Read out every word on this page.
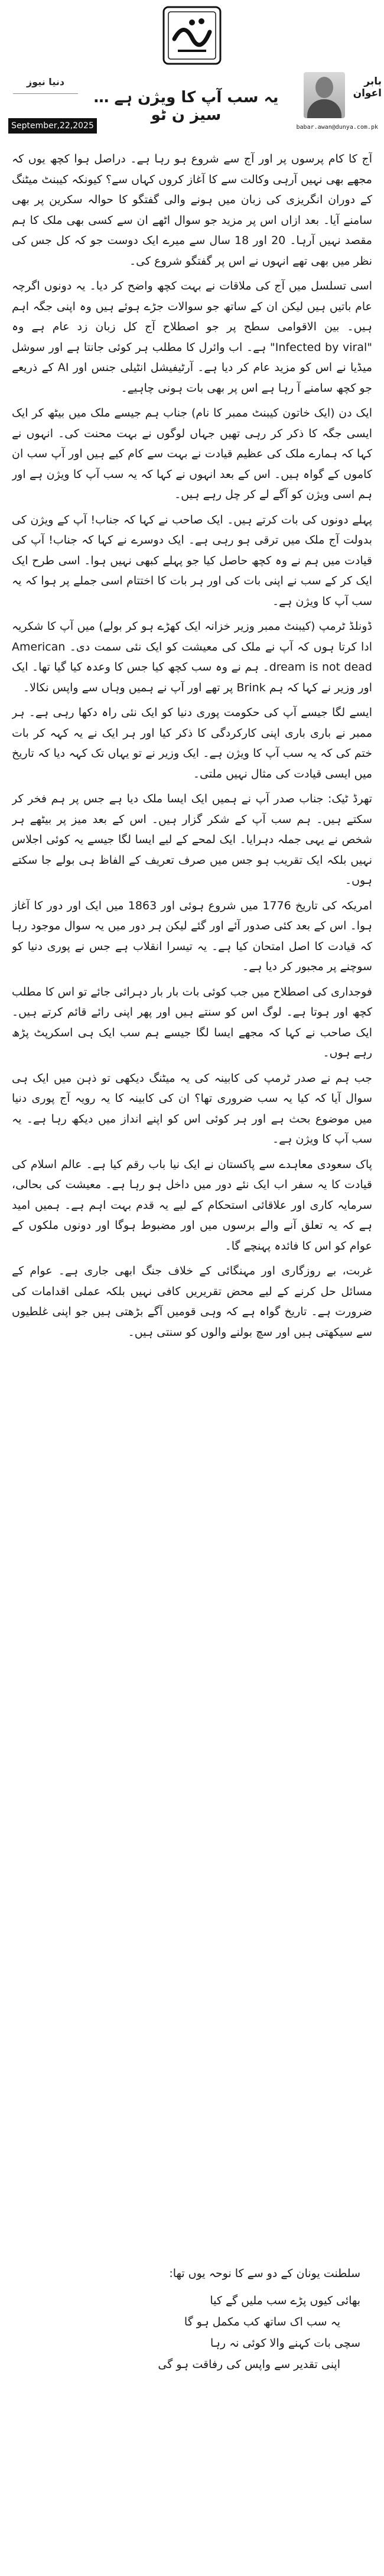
دنیا نیوز	بابر اعوان
یہ سب آپ کا ویژن ہے … سیز ن ٹو
September,22,2025	babar.awan@dunya.com.pk

آج کا کام پرسوں پر اور آج سے شروع ہو رہا ہے۔ دراصل ہوا کچھ یوں کہ مجھے بھی نہیں آرہی وکالت سے کا آغاز کروں کہاں سے؟ کیونکہ کیبنٹ میٹنگ کے دوران انگریزی کی زبان میں ہونے والی گفتگو کا حوالہ سکرین پر بھی سامنے آیا۔ بعد ازاں اس پر مزید جو سوال اٹھے ان سے کسی بھی ملک کا ہم مقصد نہیں آرہا۔ 20 اور 18 سال سے میرے ایک دوست جو کہ کل جس کی نظر میں بھی تھے انہوں نے اس پر گفتگو شروع کی۔

اسی تسلسل میں آج کی ملاقات نے بہت کچھ واضح کر دیا۔ یہ دونوں اگرچہ عام باتیں ہیں لیکن ان کے ساتھ جو سوالات جڑے ہوئے ہیں وہ اپنی جگہ اہم ہیں۔ بین الاقوامی سطح پر جو اصطلاح آج کل زبان زد عام ہے وہ "Infected by viral" ہے۔ اب وائرل کا مطلب ہر کوئی جانتا ہے اور سوشل میڈیا نے اس کو مزید عام کر دیا ہے۔ آرٹیفیشل انٹیلی جنس اور AI کے ذریعے جو کچھ سامنے آ رہا ہے اس پر بھی بات ہونی چاہیے۔

ایک دن (ایک خاتون کیبنٹ ممبر کا نام) جناب ہم جیسے ملک میں بیٹھ کر ایک ایسی جگہ کا ذکر کر رہی تھیں جہاں لوگوں نے بہت محنت کی۔ انہوں نے کہا کہ ہمارے ملک کی عظیم قیادت نے بہت سے کام کیے ہیں اور آپ سب ان کاموں کے گواہ ہیں۔ اس کے بعد انہوں نے کہا کہ یہ سب آپ کا ویژن ہے اور ہم اسی ویژن کو آگے لے کر چل رہے ہیں۔

پہلے دونوں کی بات کرتے ہیں۔ ایک صاحب نے کہا کہ جناب! آپ کے ویژن کی بدولت آج ملک میں ترقی ہو رہی ہے۔ ایک دوسرے نے کہا کہ جناب! آپ کی قیادت میں ہم نے وہ کچھ حاصل کیا جو پہلے کبھی نہیں ہوا۔ اسی طرح ایک ایک کر کے سب نے اپنی بات کی اور ہر بات کا اختتام اسی جملے پر ہوا کہ یہ سب آپ کا ویژن ہے۔

ڈونلڈ ٹرمپ (کیبنٹ ممبر وزیر خزانہ ایک کھڑے ہو کر بولے) میں آپ کا شکریہ ادا کرتا ہوں کہ آپ نے ملک کی معیشت کو ایک نئی سمت دی۔ American dream is not dead۔ ہم نے وہ سب کچھ کیا جس کا وعدہ کیا گیا تھا۔ ایک اور وزیر نے کہا کہ ہم Brink پر تھے اور آپ نے ہمیں وہاں سے واپس نکالا۔

ایسے لگا جیسے آپ کی حکومت پوری دنیا کو ایک نئی راہ دکھا رہی ہے۔ ہر ممبر نے باری باری اپنی کارکردگی کا ذکر کیا اور ہر ایک نے یہ کہہ کر بات ختم کی کہ یہ سب آپ کا ویژن ہے۔ ایک وزیر نے تو یہاں تک کہہ دیا کہ تاریخ میں ایسی قیادت کی مثال نہیں ملتی۔

تھرڈ ٹیک: جناب صدر آپ نے ہمیں ایک ایسا ملک دیا ہے جس پر ہم فخر کر سکتے ہیں۔ ہم سب آپ کے شکر گزار ہیں۔ اس کے بعد میز پر بیٹھے ہر شخص نے یہی جملہ دہرایا۔ ایک لمحے کے لیے ایسا لگا جیسے یہ کوئی اجلاس نہیں بلکہ ایک تقریب ہو جس میں صرف تعریف کے الفاظ ہی بولے جا سکتے ہوں۔

امریکہ کی تاریخ 1776 میں شروع ہوئی اور 1863 میں ایک اور دور کا آغاز ہوا۔ اس کے بعد کئی صدور آئے اور گئے لیکن ہر دور میں یہ سوال موجود رہا کہ قیادت کا اصل امتحان کیا ہے۔ یہ تیسرا انقلاب ہے جس نے پوری دنیا کو سوچنے پر مجبور کر دیا ہے۔

فوجداری کی اصطلاح میں جب کوئی بات بار بار دہرائی جائے تو اس کا مطلب کچھ اور ہوتا ہے۔ لوگ اس کو سنتے ہیں اور پھر اپنی رائے قائم کرتے ہیں۔ ایک صاحب نے کہا کہ مجھے ایسا لگا جیسے ہم سب ایک ہی اسکرپٹ پڑھ رہے ہوں۔

جب ہم نے صدر ٹرمپ کی کابینہ کی یہ میٹنگ دیکھی تو ذہن میں ایک ہی سوال آیا کہ کیا یہ سب ضروری تھا؟ ان کی کابینہ کا یہ رویہ آج پوری دنیا میں موضوع بحث ہے اور ہر کوئی اس کو اپنے انداز میں دیکھ رہا ہے۔ یہ سب آپ کا ویژن ہے۔

پاک سعودی معاہدے سے پاکستان نے ایک نیا باب رقم کیا ہے۔ عالم اسلام کی قیادت کا یہ سفر اب ایک نئے دور میں داخل ہو رہا ہے۔ معیشت کی بحالی، سرمایہ کاری اور علاقائی استحکام کے لیے یہ قدم بہت اہم ہے۔ ہمیں امید ہے کہ یہ تعلق آنے والے برسوں میں اور مضبوط ہوگا اور دونوں ملکوں کے عوام کو اس کا فائدہ پہنچے گا۔

غربت، بے روزگاری اور مہنگائی کے خلاف جنگ ابھی جاری ہے۔ عوام کے مسائل حل کرنے کے لیے محض تقریریں کافی نہیں بلکہ عملی اقدامات کی ضرورت ہے۔ تاریخ گواہ ہے کہ وہی قومیں آگے بڑھتی ہیں جو اپنی غلطیوں سے سیکھتی ہیں اور سچ بولنے والوں کو سنتی ہیں۔

سلطنت یونان کے دو سے کا نوحہ یوں تھا:

بھائی کیوں پڑے سب ملیں گے کیا
یہ سب اک ساتھ کب مکمل ہو گا
سچی بات کہنے والا کوئی نہ رہا
اپنی تقدیر سے واپس کی رفاقت ہو گی
